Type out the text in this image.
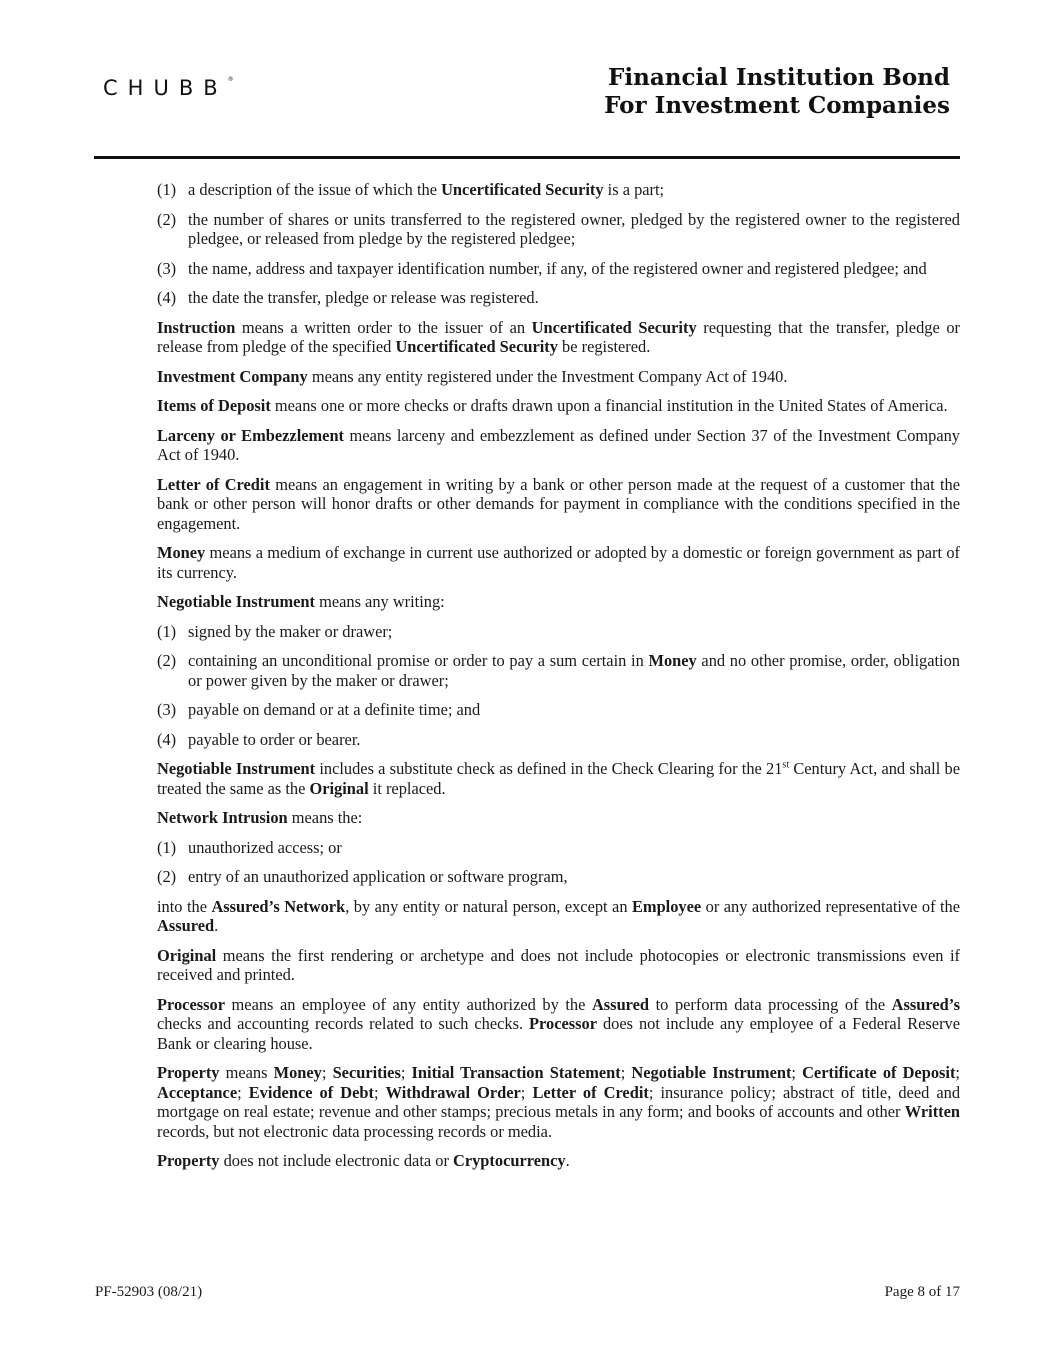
CHUBB®	Financial Institution Bond
For Investment Companies
(1) a description of the issue of which the Uncertificated Security is a part;
(2) the number of shares or units transferred to the registered owner, pledged by the registered owner to the registered pledgee, or released from pledge by the registered pledgee;
(3) the name, address and taxpayer identification number, if any, of the registered owner and registered pledgee; and
(4) the date the transfer, pledge or release was registered.

Instruction means a written order to the issuer of an Uncertificated Security requesting that the transfer, pledge or release from pledge of the specified Uncertificated Security be registered.

Investment Company means any entity registered under the Investment Company Act of 1940.

Items of Deposit means one or more checks or drafts drawn upon a financial institution in the United States of America.

Larceny or Embezzlement means larceny and embezzlement as defined under Section 37 of the Investment Company Act of 1940.

Letter of Credit means an engagement in writing by a bank or other person made at the request of a customer that the bank or other person will honor drafts or other demands for payment in compliance with the conditions specified in the engagement.

Money means a medium of exchange in current use authorized or adopted by a domestic or foreign government as part of its currency.

Negotiable Instrument means any writing:

(1) signed by the maker or drawer;
(2) containing an unconditional promise or order to pay a sum certain in Money and no other promise, order, obligation or power given by the maker or drawer;
(3) payable on demand or at a definite time; and
(4) payable to order or bearer.

Negotiable Instrument includes a substitute check as defined in the Check Clearing for the 21st Century Act, and shall be treated the same as the Original it replaced.

Network Intrusion means the:

(1) unauthorized access; or
(2) entry of an unauthorized application or software program,

into the Assured’s Network, by any entity or natural person, except an Employee or any authorized representative of the Assured.

Original means the first rendering or archetype and does not include photocopies or electronic transmissions even if received and printed.

Processor means an employee of any entity authorized by the Assured to perform data processing of the Assured’s checks and accounting records related to such checks. Processor does not include any employee of a Federal Reserve Bank or clearing house.

Property means Money; Securities; Initial Transaction Statement; Negotiable Instrument; Certificate of Deposit; Acceptance; Evidence of Debt; Withdrawal Order; Letter of Credit; insurance policy; abstract of title, deed and mortgage on real estate; revenue and other stamps; precious metals in any form; and books of accounts and other Written records, but not electronic data processing records or media.

Property does not include electronic data or Cryptocurrency.

PF-52903 (08/21)	Page 8 of 17
